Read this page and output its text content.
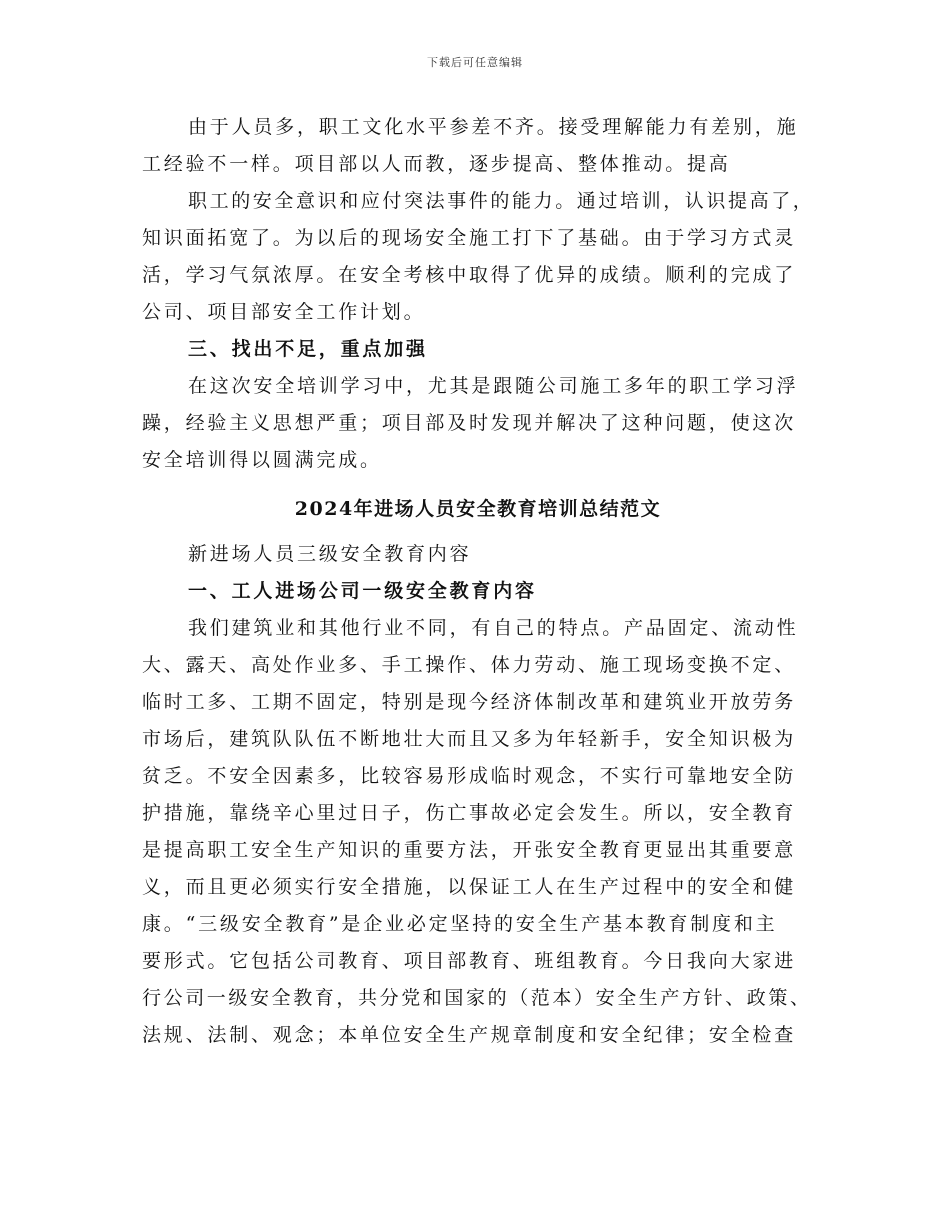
下载后可任意编辑
由于人员多，职工文化水平参差不齐。接受理解能力有差别，施
工经验不一样。项目部以人而教，逐步提高、整体推动。提高
职工的安全意识和应付突法事件的能力。通过培训，认识提高了，
知识面拓宽了。为以后的现场安全施工打下了基础。由于学习方式灵
活，学习气氛浓厚。在安全考核中取得了优异的成绩。顺利的完成了
公司、项目部安全工作计划。
三、找出不足，重点加强
在这次安全培训学习中，尤其是跟随公司施工多年的职工学习浮
躁，经验主义思想严重；项目部及时发现并解决了这种问题，使这次
安全培训得以圆满完成。
2024年进场人员安全教育培训总结范文
新进场人员三级安全教育内容
一、工人进场公司一级安全教育内容
我们建筑业和其他行业不同，有自己的特点。产品固定、流动性
大、露天、高处作业多、手工操作、体力劳动、施工现场变换不定、
临时工多、工期不固定，特别是现今经济体制改革和建筑业开放劳务
市场后，建筑队队伍不断地壮大而且又多为年轻新手，安全知识极为
贫乏。不安全因素多，比较容易形成临时观念，不实行可靠地安全防
护措施，靠绕辛心里过日子，伤亡事故必定会发生。所以，安全教育
是提高职工安全生产知识的重要方法，开张安全教育更显出其重要意
义，而且更必须实行安全措施，以保证工人在生产过程中的安全和健
康。“三级安全教育”是企业必定坚持的安全生产基本教育制度和主
要形式。它包括公司教育、项目部教育、班组教育。今日我向大家进
行公司一级安全教育，共分党和国家的（范本）安全生产方针、政策、
法规、法制、观念；本单位安全生产规章制度和安全纪律；安全检查
